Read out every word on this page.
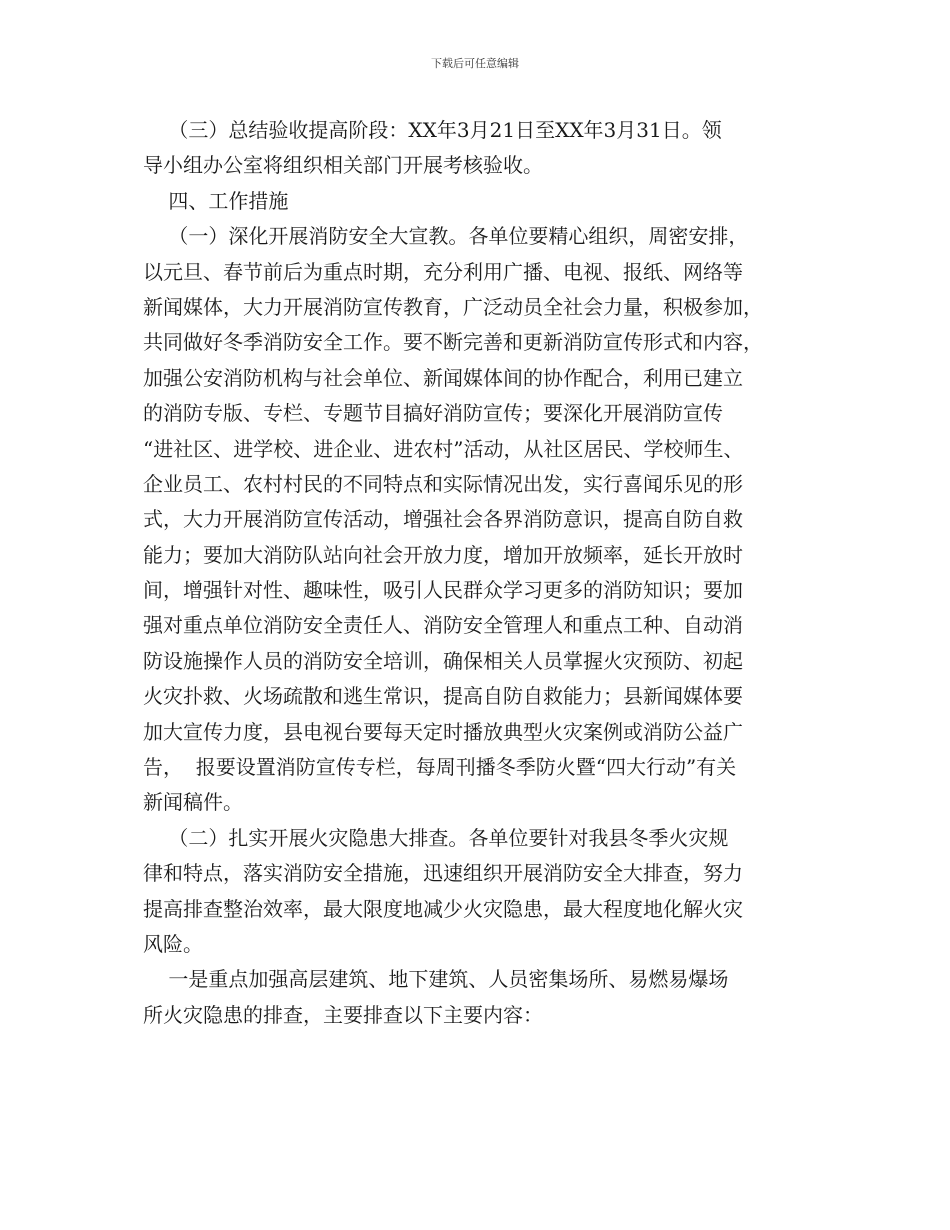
下载后可任意编辑
（三）总结验收提高阶段：XX年3月21日至XX年3月31日。领
导小组办公室将组织相关部门开展考核验收。
四、工作措施
（一）深化开展消防安全大宣教。各单位要精心组织，周密安排，
以元旦、春节前后为重点时期，充分利用广播、电视、报纸、网络等
新闻媒体，大力开展消防宣传教育，广泛动员全社会力量，积极参加，
共同做好冬季消防安全工作。要不断完善和更新消防宣传形式和内容，
加强公安消防机构与社会单位、新闻媒体间的协作配合，利用已建立
的消防专版、专栏、专题节目搞好消防宣传；要深化开展消防宣传
“进社区、进学校、进企业、进农村”活动，从社区居民、学校师生、
企业员工、农村村民的不同特点和实际情况出发，实行喜闻乐见的形
式，大力开展消防宣传活动，增强社会各界消防意识，提高自防自救
能力；要加大消防队站向社会开放力度，增加开放频率，延长开放时
间，增强针对性、趣味性，吸引人民群众学习更多的消防知识；要加
强对重点单位消防安全责任人、消防安全管理人和重点工种、自动消
防设施操作人员的消防安全培训，确保相关人员掌握火灾预防、初起
火灾扑救、火场疏散和逃生常识，提高自防自救能力；县新闻媒体要
加大宣传力度，县电视台要每天定时播放典型火灾案例或消防公益广
告，  报要设置消防宣传专栏，每周刊播冬季防火暨“四大行动”有关
新闻稿件。
（二）扎实开展火灾隐患大排查。各单位要针对我县冬季火灾规
律和特点，落实消防安全措施，迅速组织开展消防安全大排查，努力
提高排查整治效率，最大限度地减少火灾隐患，最大程度地化解火灾
风险。
一是重点加强高层建筑、地下建筑、人员密集场所、易燃易爆场
所火灾隐患的排查，主要排查以下主要内容：
